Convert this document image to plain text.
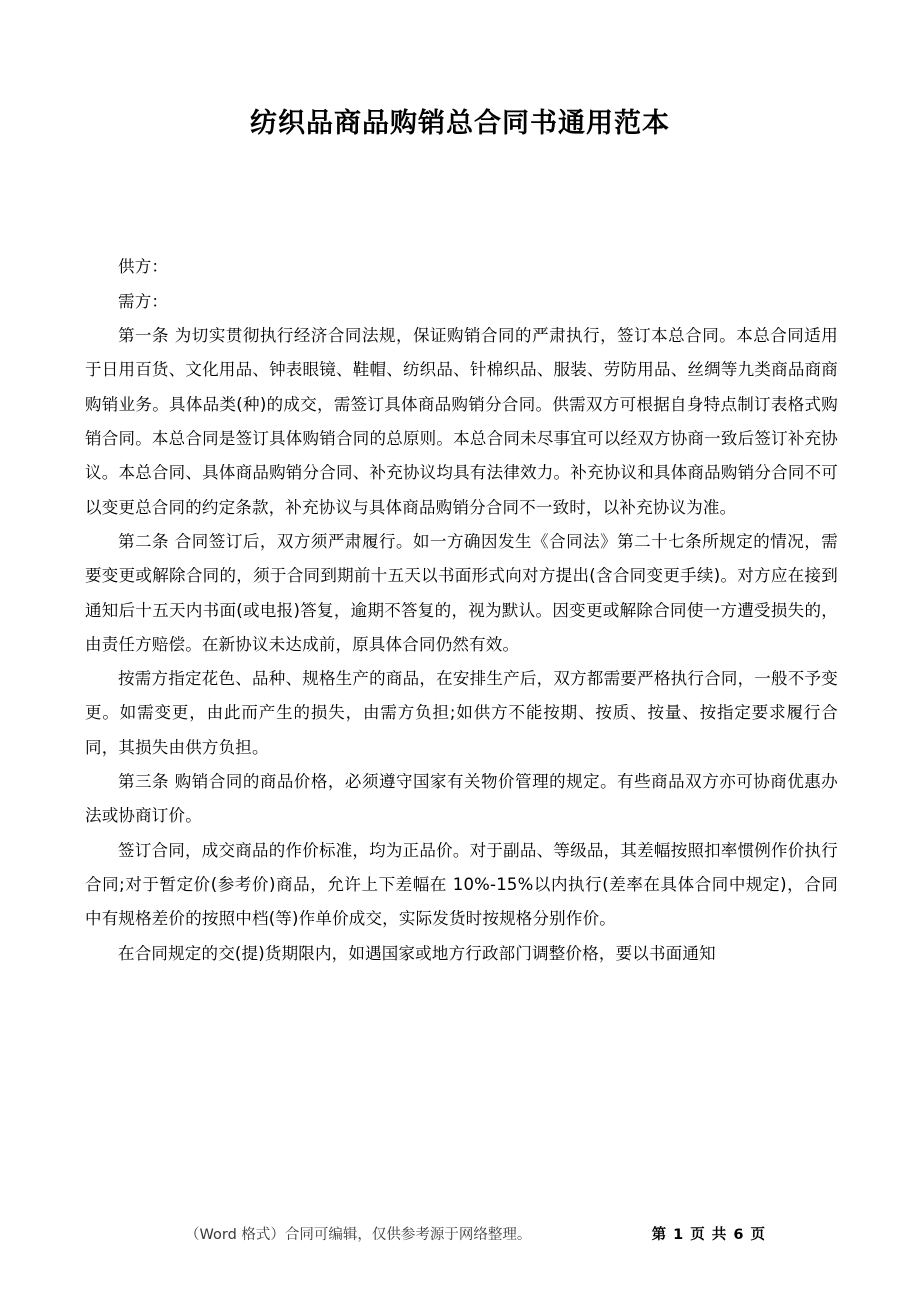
纺织品商品购销总合同书通用范本

供方：

需方：

第一条 为切实贯彻执行经济合同法规，保证购销合同的严肃执行，签订本总合同。本总合同适用于日用百货、文化用品、钟表眼镜、鞋帽、纺织品、针棉织品、服装、劳防用品、丝绸等九类商品商商购销业务。具体品类(种)的成交，需签订具体商品购销分合同。供需双方可根据自身特点制订表格式购销合同。本总合同是签订具体购销合同的总原则。本总合同未尽事宜可以经双方协商一致后签订补充协议。本总合同、具体商品购销分合同、补充协议均具有法律效力。补充协议和具体商品购销分合同不可以变更总合同的约定条款，补充协议与具体商品购销分合同不一致时，以补充协议为准。

第二条 合同签订后，双方须严肃履行。如一方确因发生《合同法》第二十七条所规定的情况，需要变更或解除合同的，须于合同到期前十五天以书面形式向对方提出(含合同变更手续)。对方应在接到通知后十五天内书面(或电报)答复，逾期不答复的，视为默认。因变更或解除合同使一方遭受损失的，由责任方赔偿。在新协议未达成前，原具体合同仍然有效。

按需方指定花色、品种、规格生产的商品，在安排生产后，双方都需要严格执行合同，一般不予变更。如需变更，由此而产生的损失，由需方负担;如供方不能按期、按质、按量、按指定要求履行合同，其损失由供方负担。

第三条 购销合同的商品价格，必须遵守国家有关物价管理的规定。有些商品双方亦可协商优惠办法或协商订价。

签订合同，成交商品的作价标准，均为正品价。对于副品、等级品，其差幅按照扣率惯例作价执行合同;对于暂定价(参考价)商品，允许上下差幅在 10%-15%以内执行(差率在具体合同中规定)，合同中有规格差价的按照中档(等)作单价成交，实际发货时按规格分别作价。

在合同规定的交(提)货期限内，如遇国家或地方行政部门调整价格，要以书面通知

（Word 格式）合同可编辑，仅供参考源于网络整理。	第 1 页 共 6 页
